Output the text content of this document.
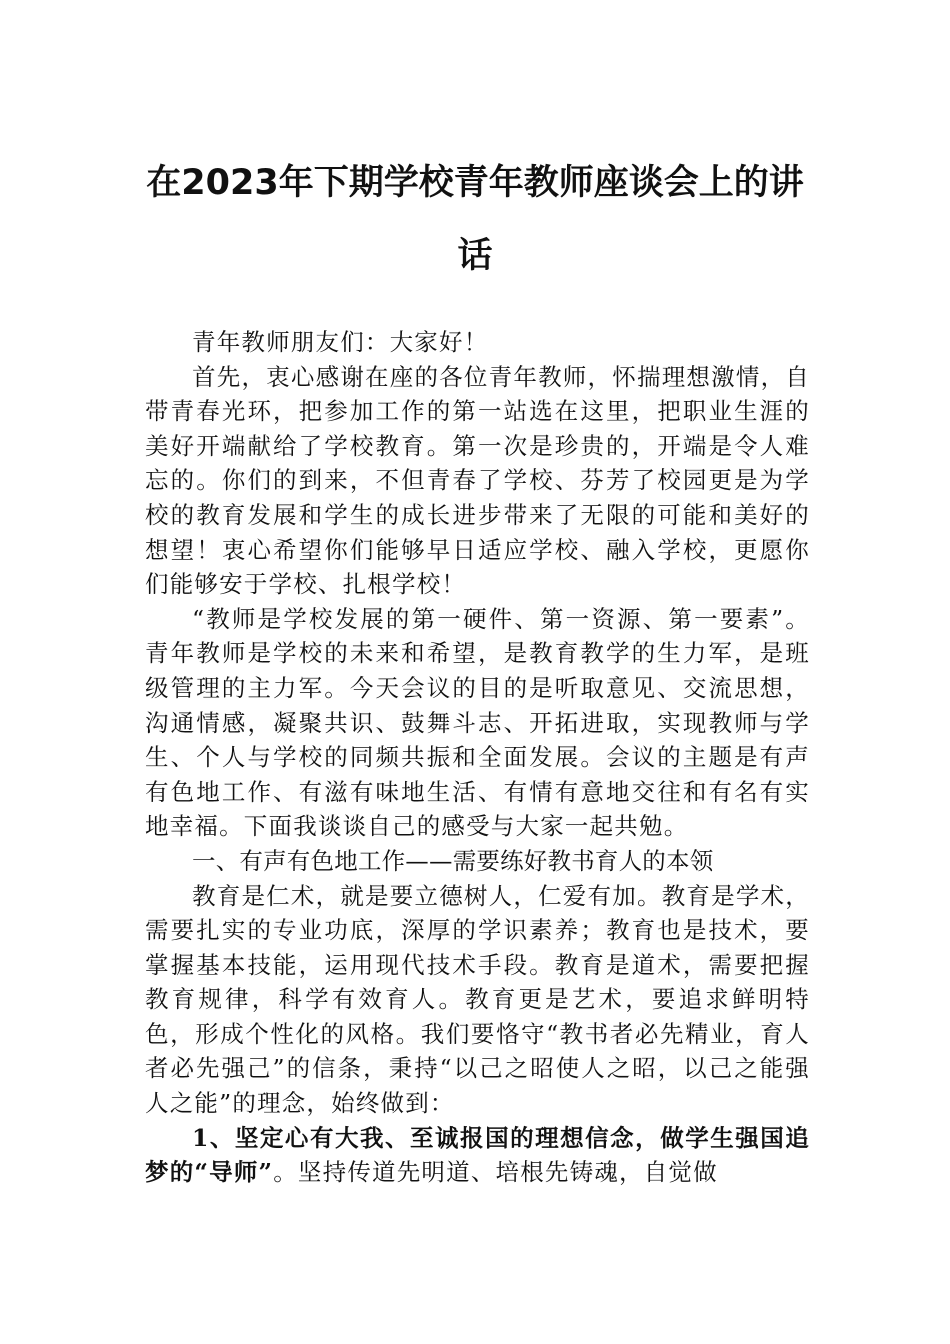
在2023年下期学校青年教师座谈会上的讲
话

青年教师朋友们：大家好！

首先，衷心感谢在座的各位青年教师，怀揣理想激情，自带青春光环，把参加工作的第一站选在这里，把职业生涯的美好开端献给了学校教育。第一次是珍贵的，开端是令人难忘的。你们的到来，不但青春了学校、芬芳了校园更是为学校的教育发展和学生的成长进步带来了无限的可能和美好的想望！衷心希望你们能够早日适应学校、融入学校，更愿你们能够安于学校、扎根学校！

“教师是学校发展的第一硬件、第一资源、第一要素”。青年教师是学校的未来和希望，是教育教学的生力军，是班级管理的主力军。今天会议的目的是听取意见、交流思想，沟通情感，凝聚共识、鼓舞斗志、开拓进取，实现教师与学生、个人与学校的同频共振和全面发展。会议的主题是有声有色地工作、有滋有味地生活、有情有意地交往和有名有实地幸福。下面我谈谈自己的感受与大家一起共勉。

一、有声有色地工作——需要练好教书育人的本领

教育是仁术，就是要立德树人，仁爱有加。教育是学术，需要扎实的专业功底，深厚的学识素养；教育也是技术，要掌握基本技能，运用现代技术手段。教育是道术，需要把握教育规律，科学有效育人。教育更是艺术，要追求鲜明特色，形成个性化的风格。我们要恪守“教书者必先精业，育人者必先强己”的信条，秉持“以己之昭使人之昭，以己之能强人之能”的理念，始终做到：

1、坚定心有大我、至诚报国的理想信念，做学生强国追梦的“导师”。坚持传道先明道、培根先铸魂，自觉做
